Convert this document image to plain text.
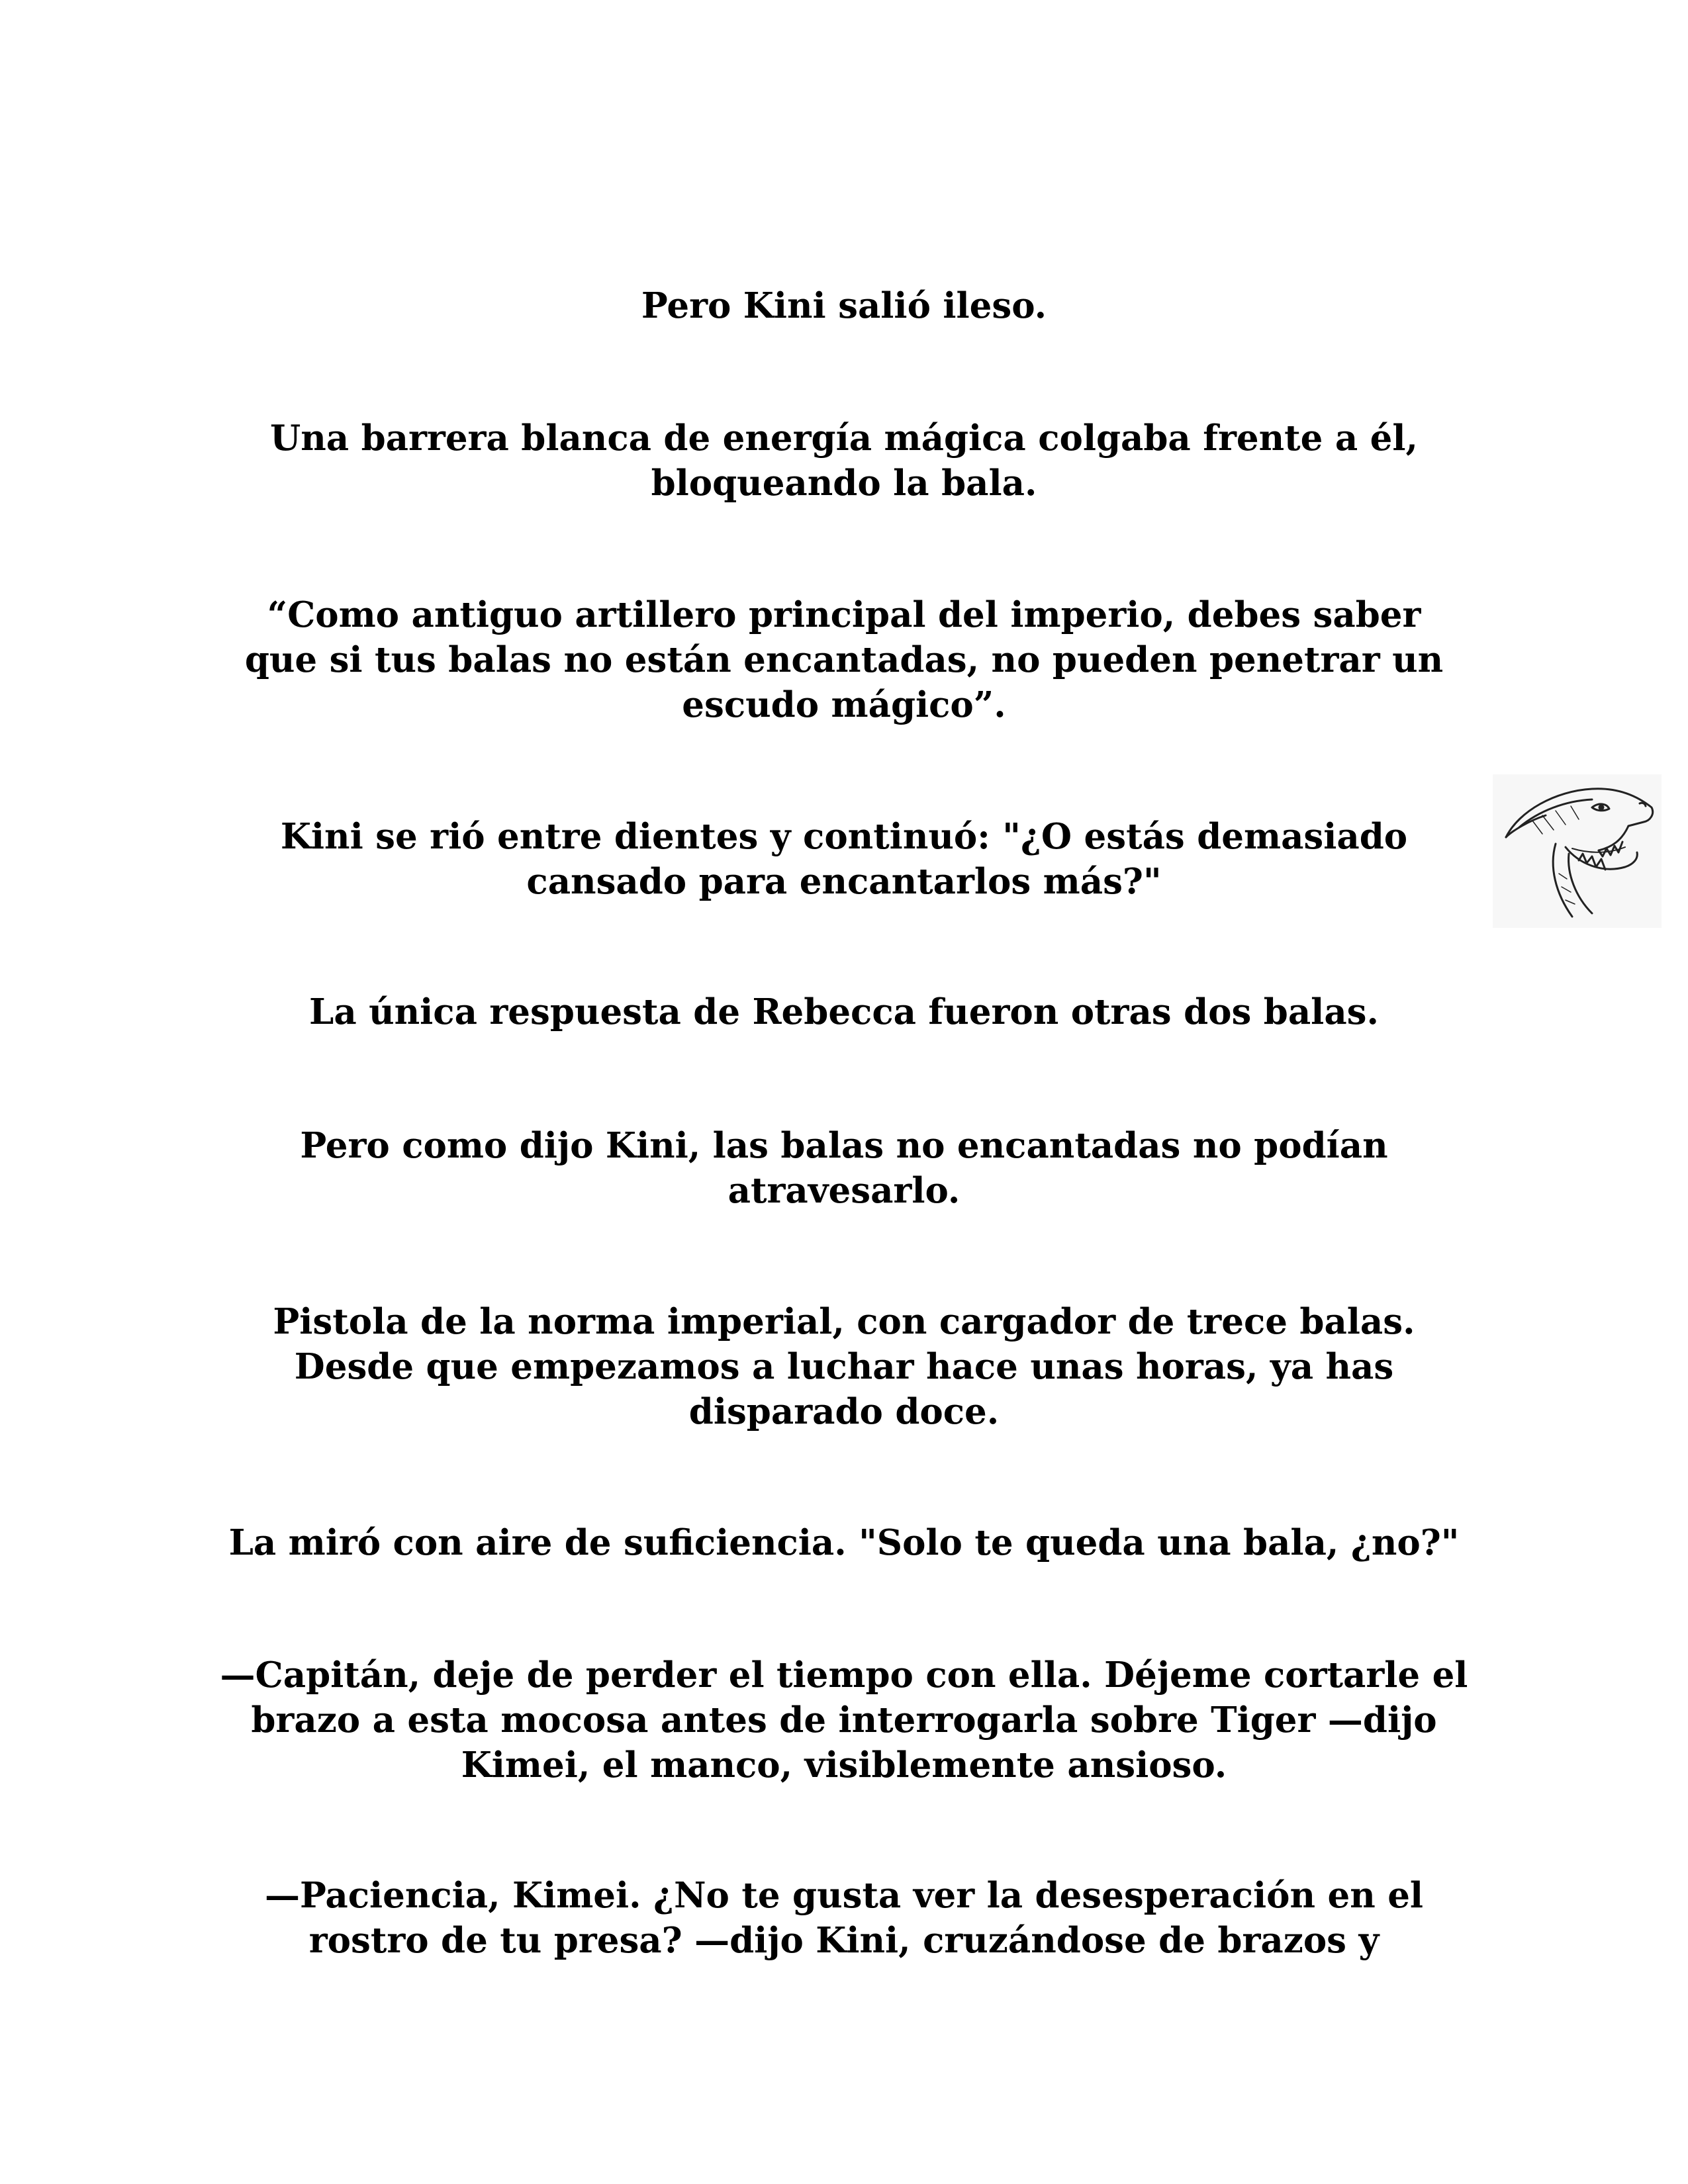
Pero Kini salió ileso.

Una barrera blanca de energía mágica colgaba frente a él,
bloqueando la bala.

“Como antiguo artillero principal del imperio, debes saber
que si tus balas no están encantadas, no pueden penetrar un
escudo mágico”.

Kini se rió entre dientes y continuó: "¿O estás demasiado
cansado para encantarlos más?"

La única respuesta de Rebecca fueron otras dos balas.

Pero como dijo Kini, las balas no encantadas no podían
atravesarlo.

Pistola de la norma imperial, con cargador de trece balas.
Desde que empezamos a luchar hace unas horas, ya has
disparado doce.

La miró con aire de suficiencia. "Solo te queda una bala, ¿no?"

—Capitán, deje de perder el tiempo con ella. Déjeme cortarle el
brazo a esta mocosa antes de interrogarla sobre Tiger —dijo
Kimei, el manco, visiblemente ansioso.

—Paciencia, Kimei. ¿No te gusta ver la desesperación en el
rostro de tu presa? —dijo Kini, cruzándose de brazos y
